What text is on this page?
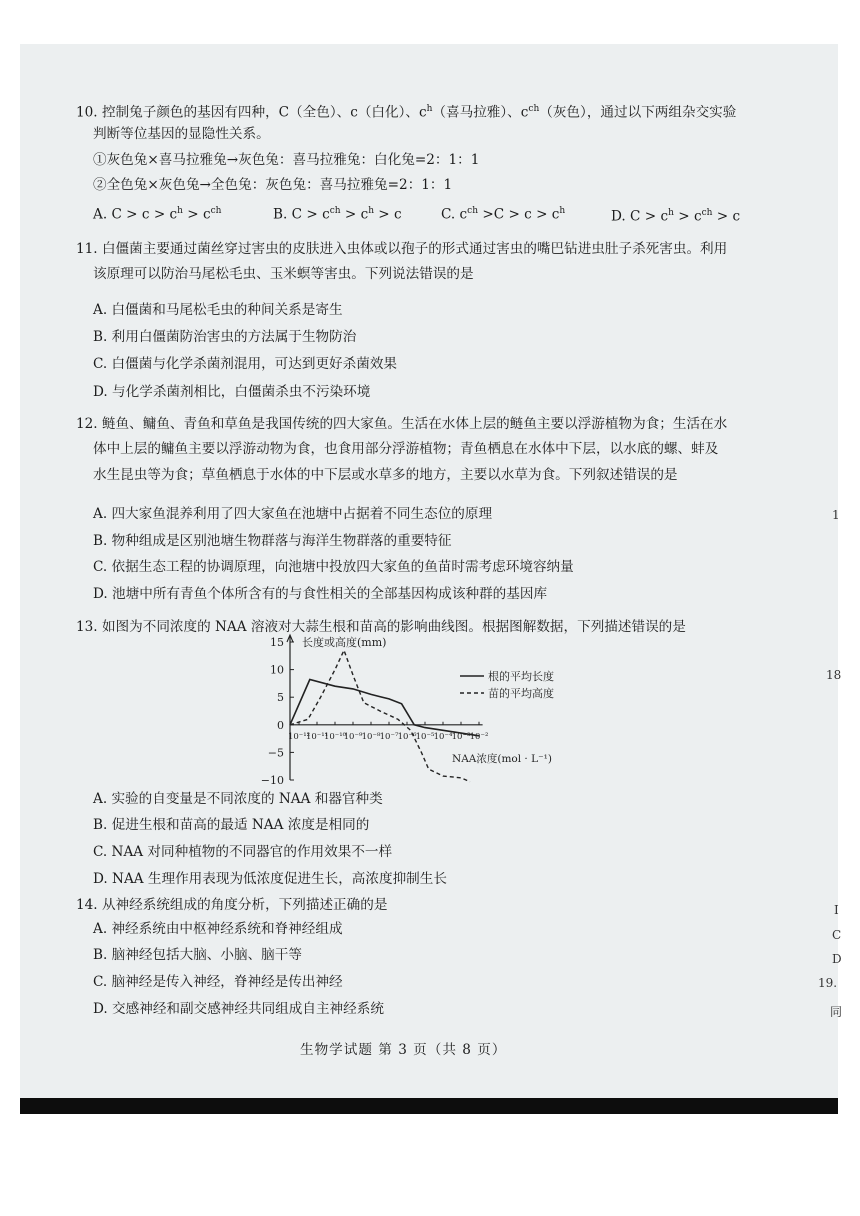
10. 控制兔子颜色的基因有四种，C（全色）、c（白化）、$c^h$（喜马拉雅）、$c^{ch}$（灰色），通过以下两组杂交实验
判断等位基因的显隐性关系。
①灰色兔×喜马拉雅兔→灰色兔：喜马拉雅兔：白化兔=2：1：1
②全色兔×灰色兔→全色兔：灰色兔：喜马拉雅兔=2：1：1
A. $C > c > c^h > c^{ch}$	B. $C > c^{ch} > c^h > c$	C. $c^{ch} >C > c > c^h$	D. $C > c^h > c^{ch} > c$
11. 白僵菌主要通过菌丝穿过害虫的皮肤进入虫体或以孢子的形式通过害虫的嘴巴钻进虫肚子杀死害虫。利用
该原理可以防治马尾松毛虫、玉米螟等害虫。下列说法错误的是
A. 白僵菌和马尾松毛虫的种间关系是寄生
B. 利用白僵菌防治害虫的方法属于生物防治
C. 白僵菌与化学杀菌剂混用，可达到更好杀菌效果
D. 与化学杀菌剂相比，白僵菌杀虫不污染环境
12. 鲢鱼、鳙鱼、青鱼和草鱼是我国传统的四大家鱼。生活在水体上层的鲢鱼主要以浮游植物为食；生活在水
体中上层的鳙鱼主要以浮游动物为食，也食用部分浮游植物；青鱼栖息在水体中下层，以水底的螺、蚌及
水生昆虫等为食；草鱼栖息于水体的中下层或水草多的地方，主要以水草为食。下列叙述错误的是
A. 四大家鱼混养利用了四大家鱼在池塘中占据着不同生态位的原理
B. 物种组成是区别池塘生物群落与海洋生物群落的重要特征
C. 依据生态工程的协调原理，向池塘中投放四大家鱼的鱼苗时需考虑环境容纳量
D. 池塘中所有青鱼个体所含有的与食性相关的全部基因构成该种群的基因库
13. 如图为不同浓度的 NAA 溶液对大蒜生根和苗高的影响曲线图。根据图解数据，下列描述错误的是
15
10
5
0
−5
−10
10⁻¹²
10⁻¹¹
10⁻¹⁰
10⁻⁹ 10⁻⁸ 10⁻⁷ 10⁻⁶ 10⁻⁵ 10⁻⁴ 10⁻³ 10⁻²
长度或高度(mm)
NAA浓度(mol · L⁻¹)
根的平均长度
苗的平均高度
A. 实验的自变量是不同浓度的 NAA 和器官种类
B. 促进生根和苗高的最适 NAA 浓度是相同的
C. NAA 对同种植物的不同器官的作用效果不一样
D. NAA 生理作用表现为低浓度促进生长，高浓度抑制生长
14. 从神经系统组成的角度分析，下列描述正确的是
A. 神经系统由中枢神经系统和脊神经组成
B. 脑神经包括大脑、小脑、脑干等
C. 脑神经是传入神经，脊神经是传出神经
D. 交感神经和副交感神经共同组成自主神经系统
生物学试题 第 3 页（共 8 页）
1
18
I
C
D
19.
同
